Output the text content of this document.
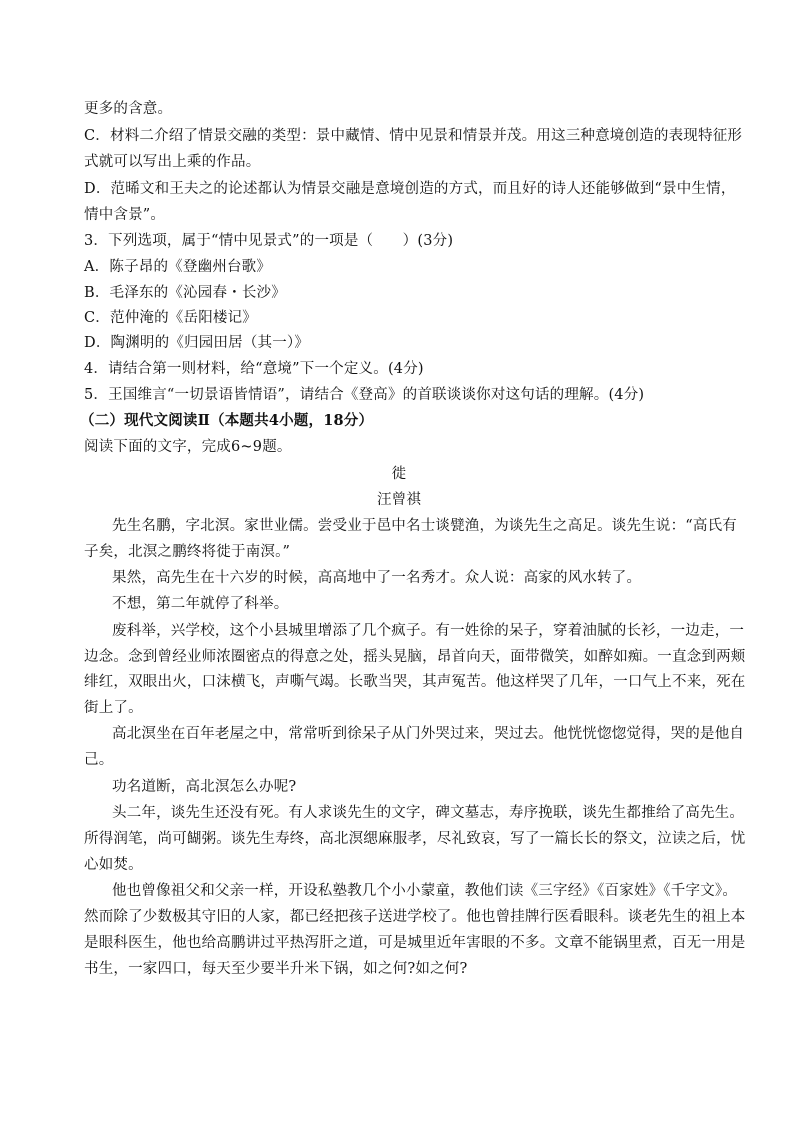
更多的含意。
C．材料二介绍了情景交融的类型：景中藏情、情中见景和情景并茂。用这三种意境创造的表现特征形
式就可以写出上乘的作品。
D．范晞文和王夫之的论述都认为情景交融是意境创造的方式，而且好的诗人还能够做到“景中生情，
情中含景”。
3．下列选项，属于“情中见景式”的一项是（　　）(3分)
A．陈子昂的《登幽州台歌》
B．毛泽东的《沁园春・长沙》
C．范仲淹的《岳阳楼记》
D．陶渊明的《归园田居（其一）》
4．请结合第一则材料，给“意境”下一个定义。(4分)
5．王国维言“一切景语皆情语”，请结合《登高》的首联谈谈你对这句话的理解。(4分)
（二）现代文阅读Ⅱ（本题共4小题，18分）
阅读下面的文字，完成6~9题。
徙
汪曾祺
先生名鹏，字北溟。家世业儒。尝受业于邑中名士谈甓渔，为谈先生之高足。谈先生说：“高氏有
子矣，北溟之鹏终将徙于南溟。”
果然，高先生在十六岁的时候，高高地中了一名秀才。众人说：高家的风水转了。
不想，第二年就停了科举。
废科举，兴学校，这个小县城里增添了几个疯子。有一姓徐的呆子，穿着油腻的长衫，一边走，一
边念。念到曾经业师浓圈密点的得意之处，摇头晃脑，昂首向天，面带微笑，如醉如痴。一直念到两颊
绯红，双眼出火，口沫横飞，声嘶气竭。长歌当哭，其声冤苦。他这样哭了几年，一口气上不来，死在
街上了。
高北溟坐在百年老屋之中，常常听到徐呆子从门外哭过来，哭过去。他恍恍惚惚觉得，哭的是他自
己。
功名道断，高北溟怎么办呢?
头二年，谈先生还没有死。有人求谈先生的文字，碑文墓志，寿序挽联，谈先生都推给了高先生。
所得润笔，尚可餬粥。谈先生寿终，高北溟缌麻服孝，尽礼致哀，写了一篇长长的祭文，泣读之后，忧
心如焚。
他也曾像祖父和父亲一样，开设私塾教几个小小蒙童，教他们读《三字经》《百家姓》《千字文》。
然而除了少数极其守旧的人家，都已经把孩子送进学校了。他也曾挂牌行医看眼科。谈老先生的祖上本
是眼科医生，他也给高鹏讲过平热泻肝之道，可是城里近年害眼的不多。文章不能锅里煮，百无一用是
书生，一家四口，每天至少要半升米下锅，如之何?如之何?
